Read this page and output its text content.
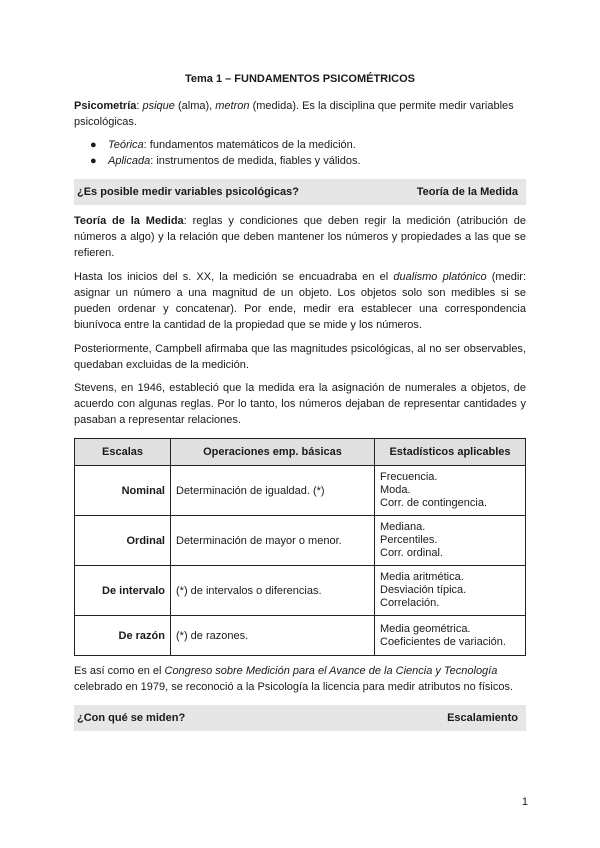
Tema 1 – FUNDAMENTOS PSICOMÉTRICOS
Psicometría: psique (alma), metron (medida). Es la disciplina que permite medir variables psicológicas.
● Teórica: fundamentos matemáticos de la medición.
● Aplicada: instrumentos de medida, fiables y válidos.
¿Es posible medir variables psicológicas?	Teoría de la Medida
Teoría de la Medida: reglas y condiciones que deben regir la medición (atribución de números a algo) y la relación que deben mantener los números y propiedades a las que se refieren.
Hasta los inicios del s. XX, la medición se encuadraba en el dualismo platónico (medir: asignar un número a una magnitud de un objeto. Los objetos solo son medibles si se pueden ordenar y concatenar). Por ende, medir era establecer una correspondencia biunívoca entre la cantidad de la propiedad que se mide y los números.
Posteriormente, Campbell afirmaba que las magnitudes psicológicas, al no ser observables, quedaban excluidas de la medición.
Stevens, en 1946, estableció que la medida era la asignación de numerales a objetos, de acuerdo con algunas reglas. Por lo tanto, los números dejaban de representar cantidades y pasaban a representar relaciones.
Escalas	Operaciones emp. básicas	Estadísticos aplicables
Nominal	Determinación de igualdad. (*)	Frecuencia.
Moda.
Corr. de contingencia.

Ordinal	Determinación de mayor o menor.	Mediana.
Percentiles.
Corr. ordinal.

De intervalo	(*) de intervalos o diferencias.	Media aritmética.
Desviación típica.
Correlación.

De razón	(*) de razones.	Media geométrica.
Coeficientes de variación.
Es así como en el Congreso sobre Medición para el Avance de la Ciencia y Tecnología celebrado en 1979, se reconoció a la Psicología la licencia para medir atributos no físicos.
¿Con qué se miden?	Escalamiento
1
